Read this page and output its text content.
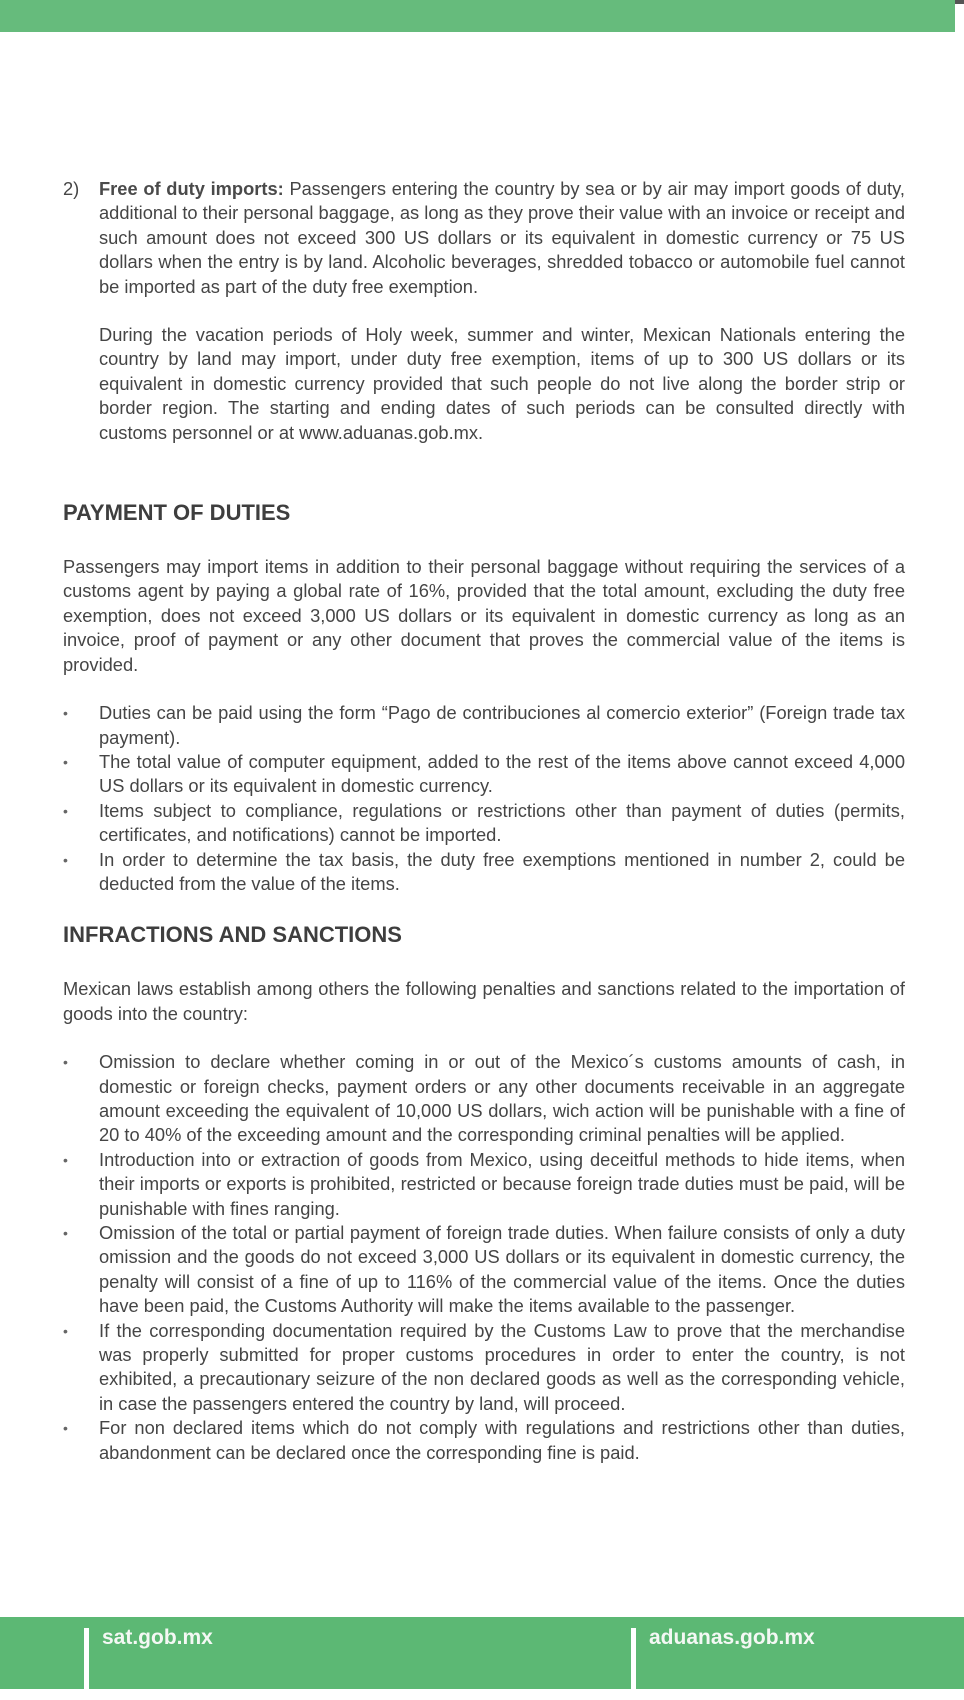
2) Free of duty imports: Passengers entering the country by sea or by air may import goods of duty, additional to their personal baggage, as long as they prove their value with an invoice or receipt and such amount does not exceed 300 US dollars or its equivalent in domestic currency or 75 US dollars when the entry is by land. Alcoholic beverages, shredded tobacco or automobile fuel cannot be imported as part of the duty free exemption.

During the vacation periods of Holy week, summer and winter, Mexican Nationals entering the country by land may import, under duty free exemption, items of up to 300 US dollars or its equivalent in domestic currency provided that such people do not live along the border strip or border region. The starting and ending dates of such periods can be consulted directly with customs personnel or at www.aduanas.gob.mx.

PAYMENT OF DUTIES

Passengers may import items in addition to their personal baggage without requiring the services of a customs agent by paying a global rate of 16%, provided that the total amount, excluding the duty free exemption, does not exceed 3,000 US dollars or its equivalent in domestic currency as long as an invoice, proof of payment or any other document that proves the commercial value of the items is provided.

• Duties can be paid using the form “Pago de contribuciones al comercio exterior” (Foreign trade tax payment).
• The total value of computer equipment, added to the rest of the items above cannot exceed 4,000 US dollars or its equivalent in domestic currency.
• Items subject to compliance, regulations or restrictions other than payment of duties (permits, certificates, and notifications) cannot be imported.
• In order to determine the tax basis, the duty free exemptions mentioned in number 2, could be deducted from the value of the items.
INFRACTIONS AND SANCTIONS

Mexican laws establish among others the following penalties and sanctions related to the importation of goods into the country:

• Omission to declare whether coming in or out of the Mexico´s customs amounts of cash, in domestic or foreign checks, payment orders or any other documents receivable in an aggregate amount exceeding the equivalent of 10,000 US dollars, wich action will be punishable with a fine of 20 to 40% of the exceeding amount and the corresponding criminal penalties will be applied.
• Introduction into or extraction of goods from Mexico, using deceitful methods to hide items, when their imports or exports is prohibited, restricted or because foreign trade duties must be paid, will be punishable with fines ranging.
• Omission of the total or partial payment of foreign trade duties. When failure consists of only a duty omission and the goods do not exceed 3,000 US dollars or its equivalent in domestic currency, the penalty will consist of a fine of up to 116% of the commercial value of the items. Once the duties have been paid, the Customs Authority will make the items available to the passenger.
• If the corresponding documentation required by the Customs Law to prove that the merchandise was properly submitted for proper customs procedures in order to enter the country, is not exhibited, a precautionary seizure of the non declared goods as well as the corresponding vehicle, in case the passengers entered the country by land, will proceed.
• For non declared items which do not comply with regulations and restrictions other than duties, abandonment can be declared once the corresponding fine is paid.
sat.gob.mx	aduanas.gob.mx
